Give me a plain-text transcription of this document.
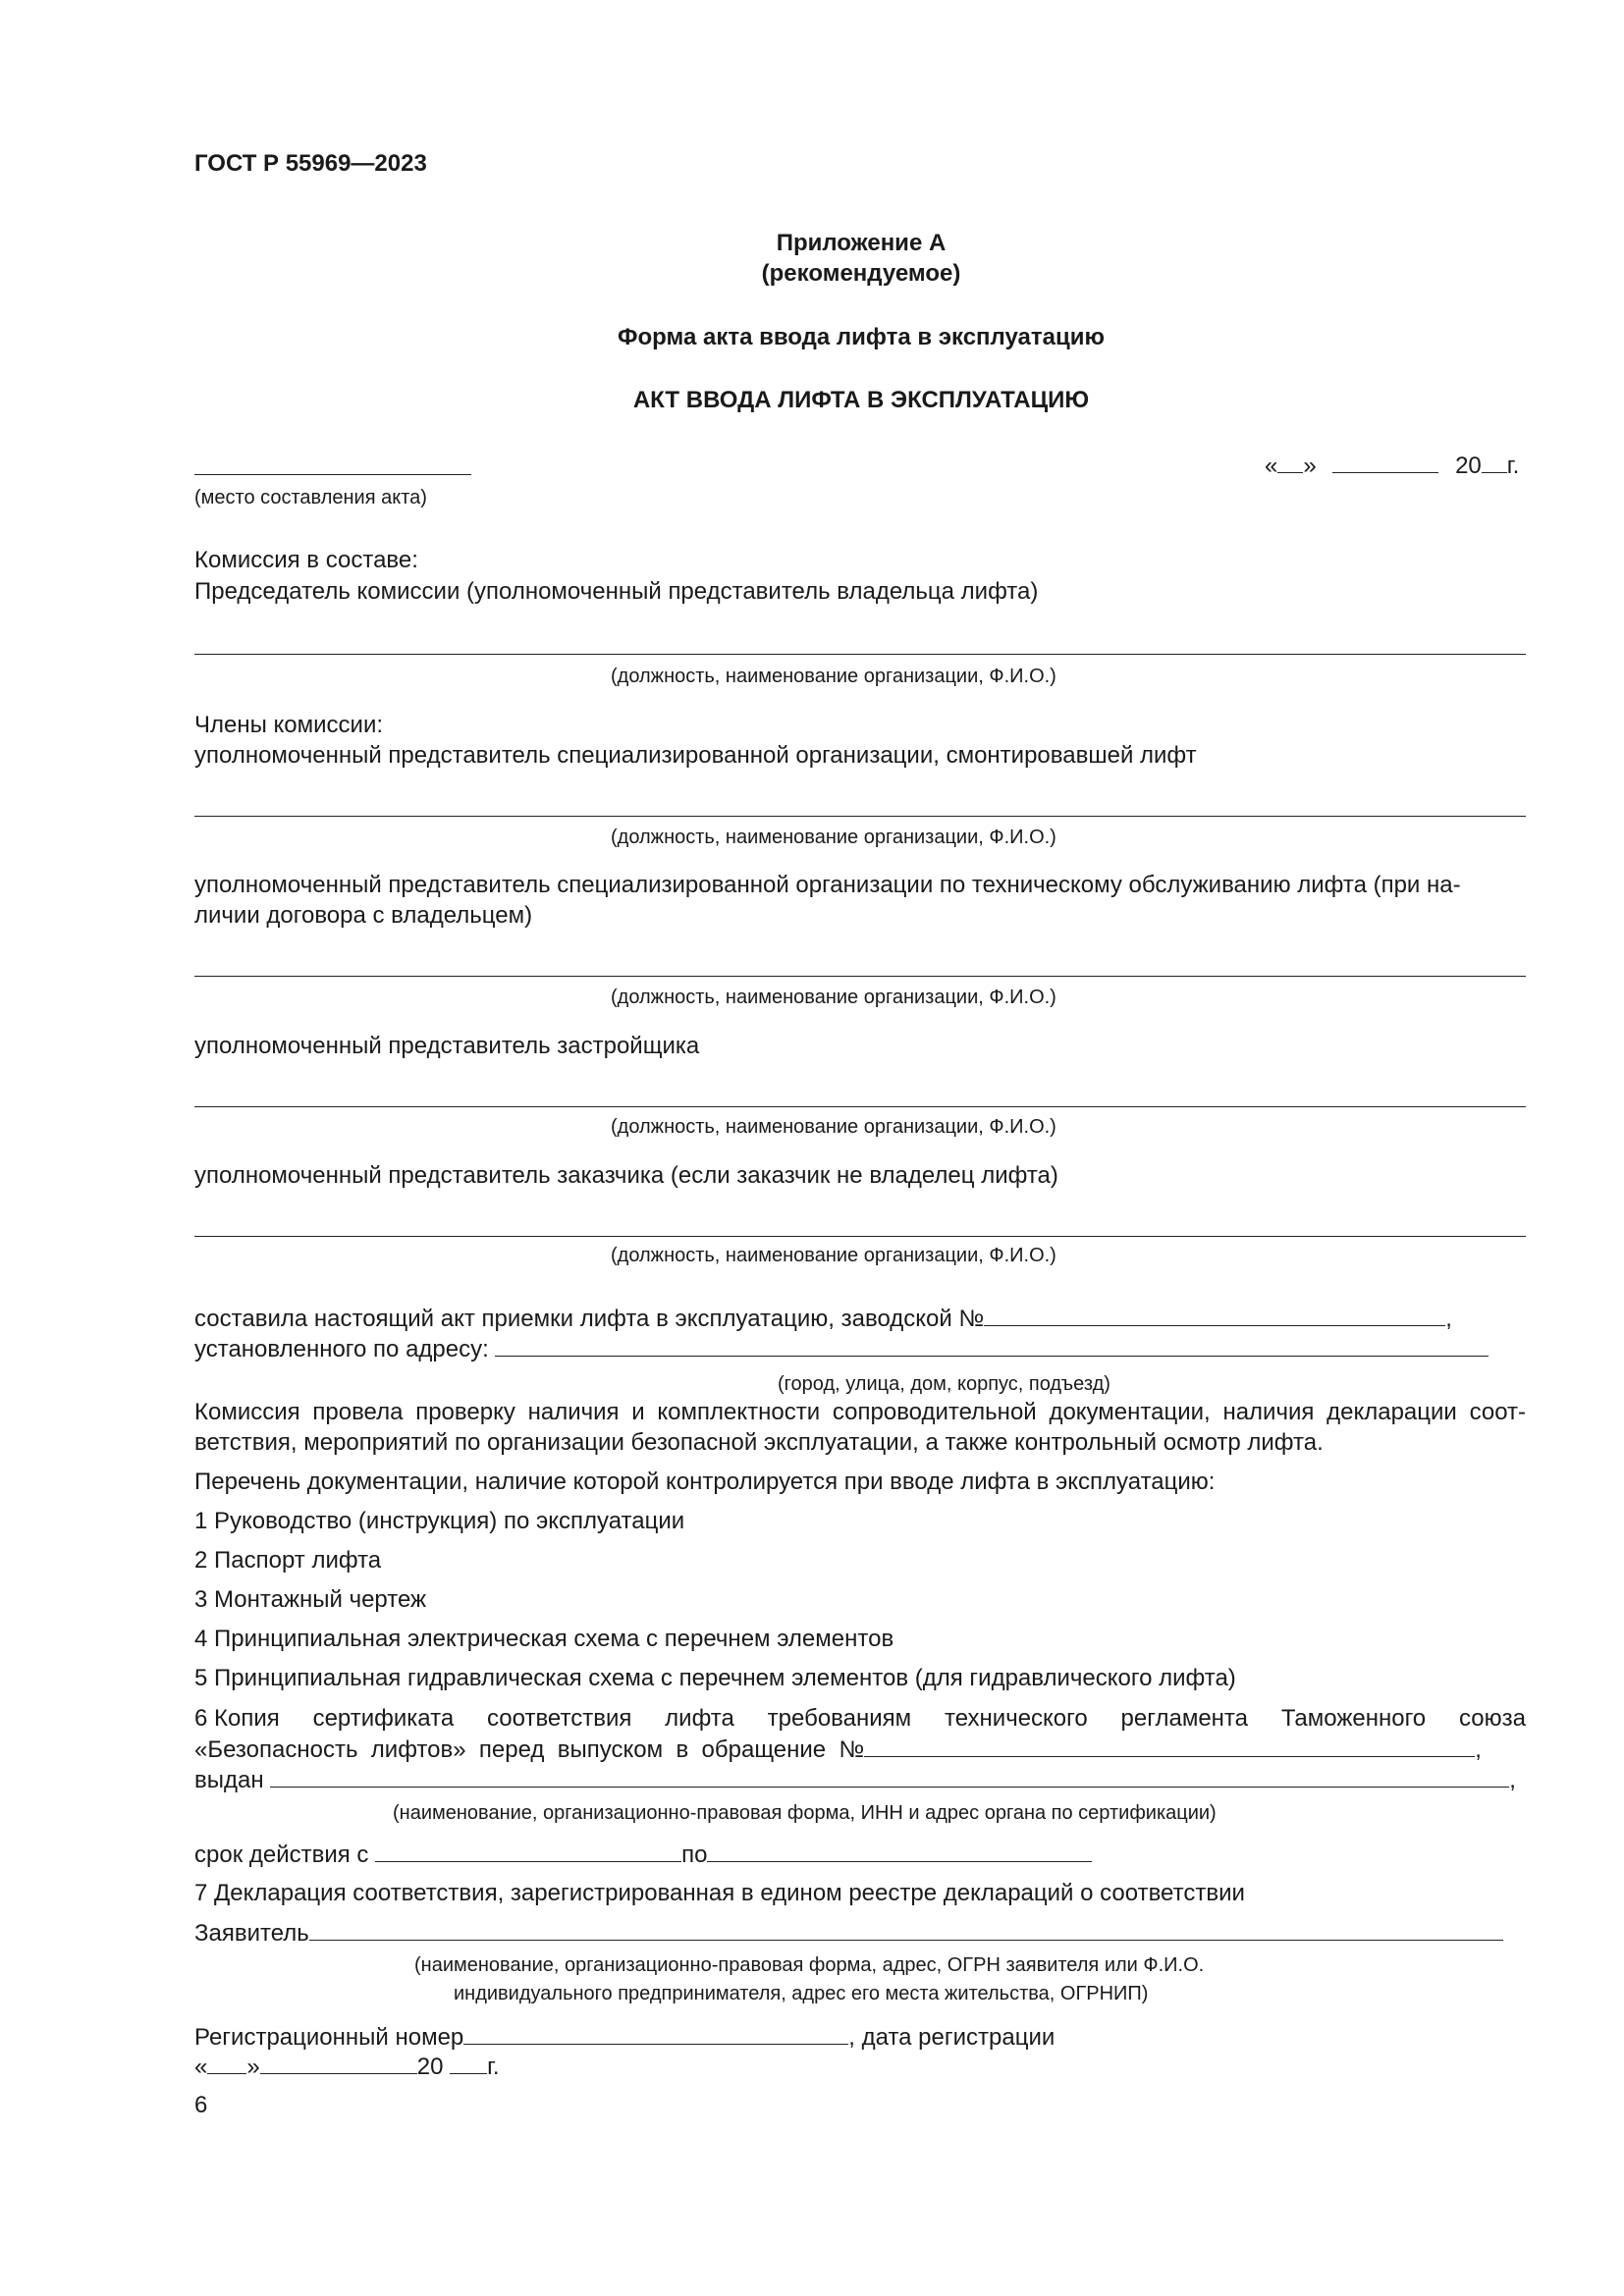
ГОСТ Р 55969—2023
Приложение А
(рекомендуемое)
Форма акта ввода лифта в эксплуатацию
АКТ ВВОДА ЛИФТА В ЭКСПЛУАТАЦИЮ
(место составления акта)
« »	20 г.
Комиссия в составе:
Председатель комиссии (уполномоченный представитель владельца лифта)
(должность, наименование организации, Ф.И.О.)
Члены комиссии:
уполномоченный представитель специализированной организации, смонтировавшей лифт
(должность, наименование организации, Ф.И.О.)
уполномоченный представитель специализированной организации по техническому обслуживанию лифта (при на-
личии договора с владельцем)
(должность, наименование организации, Ф.И.О.)
уполномоченный представитель застройщика
(должность, наименование организации, Ф.И.О.)
уполномоченный представитель заказчика (если заказчик не владелец лифта)
(должность, наименование организации, Ф.И.О.)
составила настоящий акт приемки лифта в эксплуатацию, заводской №	,
установленного по адресу:
(город, улица, дом, корпус, подъезд)
Комиссия провела проверку наличия и комплектности сопроводительной документации, наличия декларации соот-
ветствия, мероприятий по организации безопасной эксплуатации, а также контрольный осмотр лифта.
Перечень документации, наличие которой контролируется при вводе лифта в эксплуатацию:
1 Руководство (инструкция) по эксплуатации
2 Паспорт лифта
3 Монтажный чертеж
4 Принципиальная электрическая схема с перечнем элементов
5 Принципиальная гидравлическая схема с перечнем элементов (для гидравлического лифта)
6 Копия сертификата соответствия лифта требованиям технического регламента Таможенного союза
«Безопасность  лифтов»  перед  выпуском  в  обращение  №	,
выдан	,
(наименование, организационно-правовая форма, ИНН и адрес органа по сертификации)
срок действия с	по
7 Декларация соответствия, зарегистрированная в едином реестре деклараций о соответствии
Заявитель
(наименование, организационно-правовая форма, адрес, ОГРН заявителя или Ф.И.О.
индивидуального предпринимателя, адрес его места жительства, ОГРНИП)
Регистрационный номер	, дата регистрации
« »	20 г.
6
